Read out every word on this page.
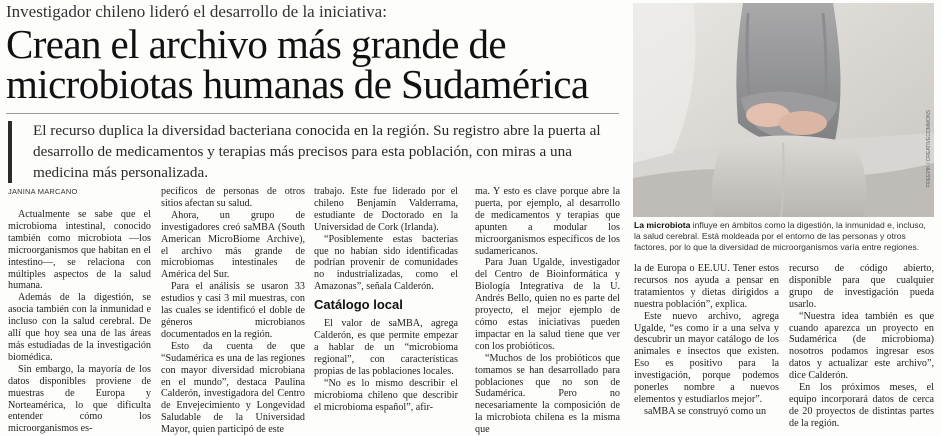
Investigador chileno lideró el desarrollo de la iniciativa:
Crean el archivo más grande de
microbiotas humanas de Sudamérica
El recurso duplica la diversidad bacteriana conocida en la región. Su registro abre la puerta al desarrollo de medicamentos y terapias más precisos para esta población, con miras a una medicina más personalizada.
JANINA MARCANO

Actualmente se sabe que el microbioma intestinal, conocido también como microbiota —los microorganismos que habitan en el intestino—, se relaciona con múltiples aspectos de la salud humana.

Además de la digestión, se asocia también con la inmunidad e incluso con la salud cerebral. De allí que hoy sea una de las áreas más estudiadas de la investigación biomédica.

Sin embargo, la mayoría de los datos disponibles proviene de muestras de Europa y Norteamérica, lo que dificulta entender cómo los microorganismos es-

pecíficos de personas de otros sitios afectan su salud.

Ahora, un grupo de investigadores creó saMBA (South American MicroBiome Archive), el archivo más grande de microbiomas intestinales de América del Sur.

Para el análisis se usaron 33 estudios y casi 3 mil muestras, con las cuales se identificó el doble de géneros microbianos documentados en la región.

Esto da cuenta de que “Sudamérica es una de las regiones con mayor diversidad microbiana en el mundo”, destaca Paulina Calderón, investigadora del Centro de Envejecimiento y Longevidad Saludable de la Universidad Mayor, quien participó de este

trabajo. Este fue liderado por el chileno Benjamín Valderrama, estudiante de Doctorado en la Universidad de Cork (Irlanda).

“Posiblemente estas bacterias que no habían sido identificadas podrían provenir de comunidades no industrializadas, como el Amazonas”, señala Calderón.

Catálogo local

El valor de saMBA, agrega Calderón, es que permite empezar a hablar de un “microbioma regional”, con características propias de las poblaciones locales.

“No es lo mismo describir el microbioma chileno que describir el microbioma español”, afir-

ma. Y esto es clave porque abre la puerta, por ejemplo, al desarrollo de medicamentos y terapias que apunten a modular los microorganismos específicos de los sudamericanos.

Para Juan Ugalde, investigador del Centro de Bioinformática y Biología Integrativa de la U. Andrés Bello, quien no es parte del proyecto, el mejor ejemplo de cómo estas iniciativas pueden impactar en la salud tiene que ver con los probióticos.

“Muchos de los probióticos que tomamos se han desarrollado para poblaciones que no son de Sudamérica. Pero no necesariamente la composición de la microbiota chilena es la misma que

la de Europa o EE.UU. Tener estos recursos nos ayuda a pensar en tratamientos y dietas dirigidos a nuestra población”, explica.

Este nuevo archivo, agrega Ugalde, “es como ir a una selva y descubrir un mayor catálogo de los animales e insectos que existen. Eso es positivo para la investigación, porque podemos ponerles nombre a nuevos elementos y estudiarlos mejor”.

saMBA se construyó como un

recurso de código abierto, disponible para que cualquier grupo de investigación pueda usarlo.

“Nuestra idea también es que cuando aparezca un proyecto en Sudamérica (de microbioma) nosotros podamos ingresar esos datos y actualizar este archivo”, dice Calderón.

En los próximos meses, el equipo incorporará datos de cerca de 20 proyectos de distintas partes de la región.

FREEPIK / CREATIVECOMMONS
La microbiota influye en ámbitos como la digestión, la inmunidad e, incluso, la salud cerebral. Está moldeada por el entorno de las personas y otros factores, por lo que la diversidad de microorganismos varía entre regiones.
